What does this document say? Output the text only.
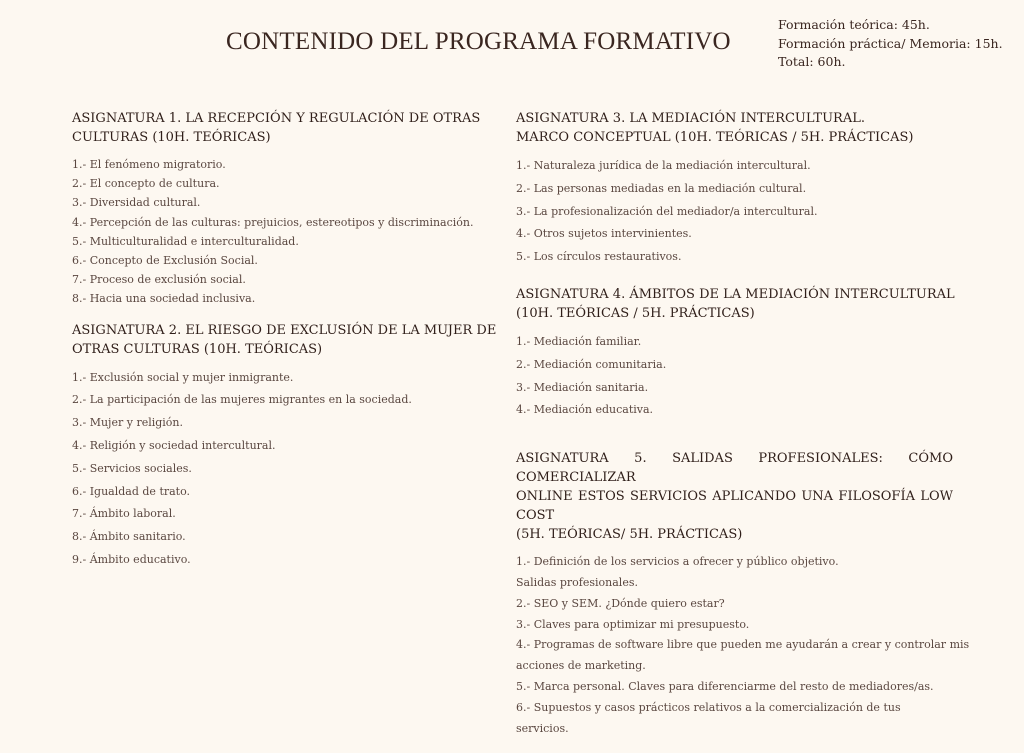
CONTENIDO DEL PROGRAMA FORMATIVO
Formación teórica: 45h.
Formación práctica/ Memoria: 15h.
Total: 60h.
ASIGNATURA 1. LA RECEPCIÓN Y REGULACIÓN DE OTRAS
CULTURAS (10H. TEÓRICAS)
1.- El fenómeno migratorio.
2.- El concepto de cultura.
3.- Diversidad cultural.
4.- Percepción de las culturas: prejuicios, estereotipos y discriminación.
5.- Multiculturalidad e interculturalidad.
6.- Concepto de Exclusión Social.
7.- Proceso de exclusión social.
8.- Hacia una sociedad inclusiva.
ASIGNATURA 2. EL RIESGO DE EXCLUSIÓN DE LA MUJER DE
OTRAS CULTURAS (10H. TEÓRICAS)
1.- Exclusión social y mujer inmigrante.
2.- La participación de las mujeres migrantes en la sociedad.
3.- Mujer y religión.
4.- Religión y sociedad intercultural.
5.- Servicios sociales.
6.- Igualdad de trato.
7.- Ámbito laboral.
8.- Ámbito sanitario.
9.- Ámbito educativo.
ASIGNATURA 3. LA MEDIACIÓN INTERCULTURAL.
MARCO CONCEPTUAL (10H. TEÓRICAS / 5H. PRÁCTICAS)
1.- Naturaleza jurídica de la mediación intercultural.
2.- Las personas mediadas en la mediación cultural.
3.- La profesionalización del mediador/a intercultural.
4.- Otros sujetos intervinientes.
5.- Los círculos restaurativos.
ASIGNATURA 4. ÁMBITOS DE LA MEDIACIÓN INTERCULTURAL
(10H. TEÓRICAS / 5H. PRÁCTICAS)
1.- Mediación familiar.
2.- Mediación comunitaria.
3.- Mediación sanitaria.
4.- Mediación educativa.
ASIGNATURA 5. SALIDAS PROFESIONALES: CÓMO COMERCIALIZAR
ONLINE ESTOS SERVICIOS APLICANDO UNA FILOSOFÍA LOW COST
(5H. TEÓRICAS/ 5H. PRÁCTICAS)
1.- Definición de los servicios a ofrecer y público objetivo.
Salidas profesionales.
2.- SEO y SEM. ¿Dónde quiero estar?
3.- Claves para optimizar mi presupuesto.
4.- Programas de software libre que pueden me ayudarán a crear y controlar mis
acciones de marketing.
5.- Marca personal. Claves para diferenciarme del resto de mediadores/as.
6.- Supuestos y casos prácticos relativos a la comercialización de tus
servicios.
